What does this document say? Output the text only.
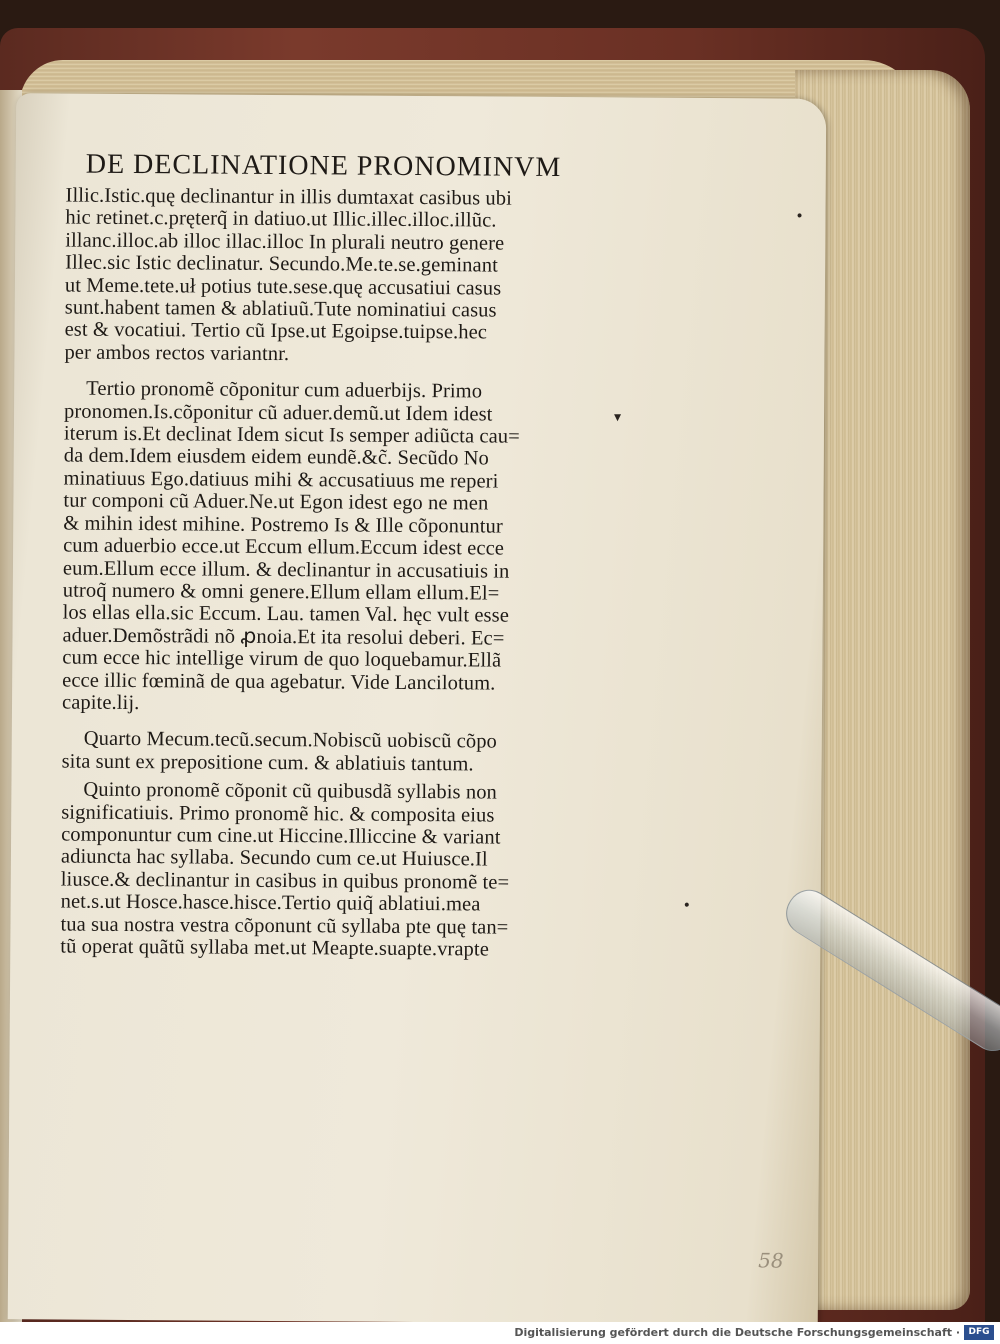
DE DECLINATIONE PRONOMINVM
Illic.Istic.quę declinantur in illis dumtaxat casibus ubi
hic retinet.c.pręterq̃ in datiuo.ut Illic.illec.illoc.illũc.
illanc.illoc.ab illoc illac.illoc In plurali neutro genere
Illec.sic Istic declinatur. Secundo.Me.te.se.geminant
ut Meme.tete.uł potius tute.sese.quę accusatiui casus
sunt.habent tamen & ablatiuũ.Tute nominatiui casus
est & vocatiui. Tertio cũ Ipse.ut Egoipse.tuipse.hec
per ambos rectos variantnr.
Tertio pronomẽ cõponitur cum aduerbijs. Primo
pronomen.Is.cõponitur cũ aduer.demũ.ut Idem idest
iterum is.Et declinat Idem sicut Is semper adiũcta cau=
da dem.Idem eiusdem eidem eundẽ.&c̃. Secũdo No
minatiuus Ego.datiuus mihi & accusatiuus me reperi
tur componi cũ Aduer.Ne.ut Egon idest ego ne men
& mihin idest mihine. Postremo Is & Ille cõponuntur
cum aduerbio ecce.ut Eccum ellum.Eccum idest ecce
eum.Ellum ecce illum. & declinantur in accusatiuis in
utroq̃ numero & omni genere.Ellum ellam ellum.El=
los ellas ella.sic Eccum. Lau. tamen Val. hęc vult esse
aduer.Demõstrãdi nõ ꝓnoia.Et ita resolui deberi. Ec=
cum ecce hic intellige virum de quo loquebamur.Ellã
ecce illic fœminã de qua agebatur. Vide Lancilotum.
capite.lij.
Quarto Mecum.tecũ.secum.Nobiscũ uobiscũ cõpo
sita sunt ex prepositione cum. & ablatiuis tantum.
Quinto pronomẽ cõponit cũ quibusdã syllabis non
significatiuis. Primo pronomẽ hic. & composita eius
componuntur cum cine.ut Hiccine.Illiccine & variant
adiuncta hac syllaba. Secundo cum ce.ut Huiusce.Il
liusce.& declinantur in casibus in quibus pronomẽ te=
net.s.ut Hosce.hasce.hisce.Tertio quiq̃ ablatiui.mea
tua sua nostra vestra cõponunt cũ syllaba pte quę tan=
tũ operat quãtũ syllaba met.ut Meapte.suapte.vrapte
•
▾
•
58
Digitalisierung gefördert durch die Deutsche Forschungsgemeinschaft · DFG
